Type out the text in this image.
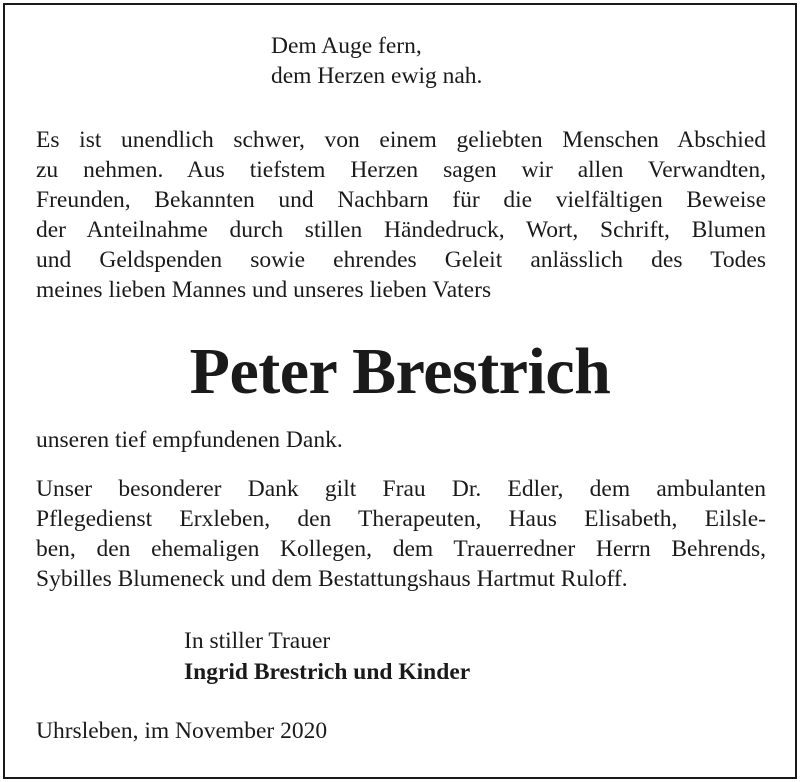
Dem Auge fern,
dem Herzen ewig nah.
Es ist unendlich schwer, von einem geliebten Menschen Abschied
zu nehmen. Aus tiefstem Herzen sagen wir allen Verwandten,
Freunden, Bekannten und Nachbarn für die vielfältigen Beweise
der Anteilnahme durch stillen Händedruck, Wort, Schrift, Blumen
und Geldspenden sowie ehrendes Geleit anlässlich des Todes
meines lieben Mannes und unseres lieben Vaters
Peter Brestrich
unseren tief empfundenen Dank.
Unser besonderer Dank gilt Frau Dr. Edler, dem ambulanten
Pflegedienst Erxleben, den Therapeuten, Haus Elisabeth, Eilsle-
ben, den ehemaligen Kollegen, dem Trauerredner Herrn Behrends,
Sybilles Blumeneck und dem Bestattungshaus Hartmut Ruloff.
In stiller Trauer
Ingrid Brestrich und Kinder
Uhrsleben, im November 2020
